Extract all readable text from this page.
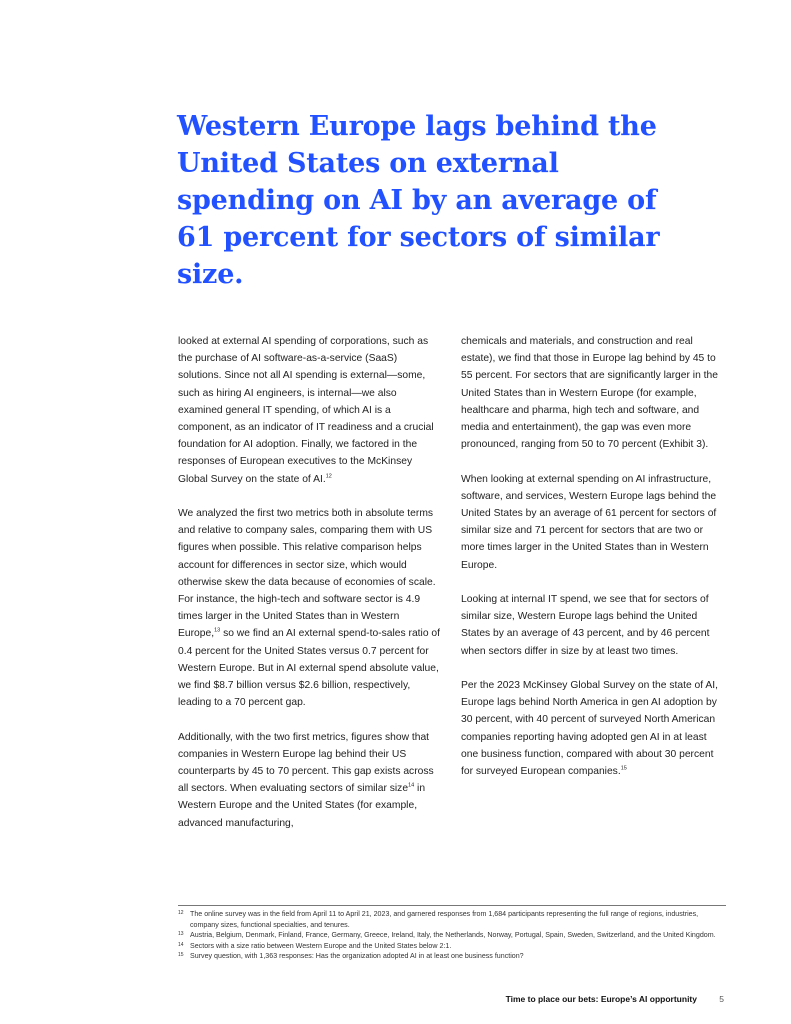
Western Europe lags behind the United States on external spending on AI by an average of 61 percent for sectors of similar size.

looked at external AI spending of corporations, such as the purchase of AI software-as-a-service (SaaS) solutions. Since not all AI spending is external—some, such as hiring AI engineers, is internal—we also examined general IT spending, of which AI is a component, as an indicator of IT readiness and a crucial foundation for AI adoption. Finally, we factored in the responses of European executives to the McKinsey Global Survey on the state of AI.$^{12}$

We analyzed the first two metrics both in absolute terms and relative to company sales, comparing them with US figures when possible. This relative comparison helps account for differences in sector size, which would otherwise skew the data because of economies of scale. For instance, the high-tech and software sector is 4.9 times larger in the United States than in Western Europe,$^{13}$ so we find an AI external spend-to-sales ratio of 0.4 percent for the United States versus 0.7 percent for Western Europe. But in AI external spend absolute value, we find $8.7 billion versus $2.6 billion, respectively, leading to a 70 percent gap.

Additionally, with the two first metrics, figures show that companies in Western Europe lag behind their US counterparts by 45 to 70 percent. This gap exists across all sectors. When evaluating sectors of similar size$^{14}$ in Western Europe and the United States (for example, advanced manufacturing,

chemicals and materials, and construction and real estate), we find that those in Europe lag behind by 45 to 55 percent. For sectors that are significantly larger in the United States than in Western Europe (for example, healthcare and pharma, high tech and software, and media and entertainment), the gap was even more pronounced, ranging from 50 to 70 percent (Exhibit 3).

When looking at external spending on AI infrastructure, software, and services, Western Europe lags behind the United States by an average of 61 percent for sectors of similar size and 71 percent for sectors that are two or more times larger in the United States than in Western Europe.

Looking at internal IT spend, we see that for sectors of similar size, Western Europe lags behind the United States by an average of 43 percent, and by 46 percent when sectors differ in size by at least two times.

Per the 2023 McKinsey Global Survey on the state of AI, Europe lags behind North America in gen AI adoption by 30 percent, with 40 percent of surveyed North American companies reporting having adopted gen AI in at least one business function, compared with about 30 percent for surveyed European companies.$^{15}$

12 The online survey was in the field from April 11 to April 21, 2023, and garnered responses from 1,684 participants representing the full range of regions, industries, company sizes, functional specialties, and tenures.
13 Austria, Belgium, Denmark, Finland, France, Germany, Greece, Ireland, Italy, the Netherlands, Norway, Portugal, Spain, Sweden, Switzerland, and the United Kingdom.
14 Sectors with a size ratio between Western Europe and the United States below 2:1.
15 Survey question, with 1,363 responses: Has the organization adopted AI in at least one business function?
Time to place our bets: Europe’s AI opportunity	5
